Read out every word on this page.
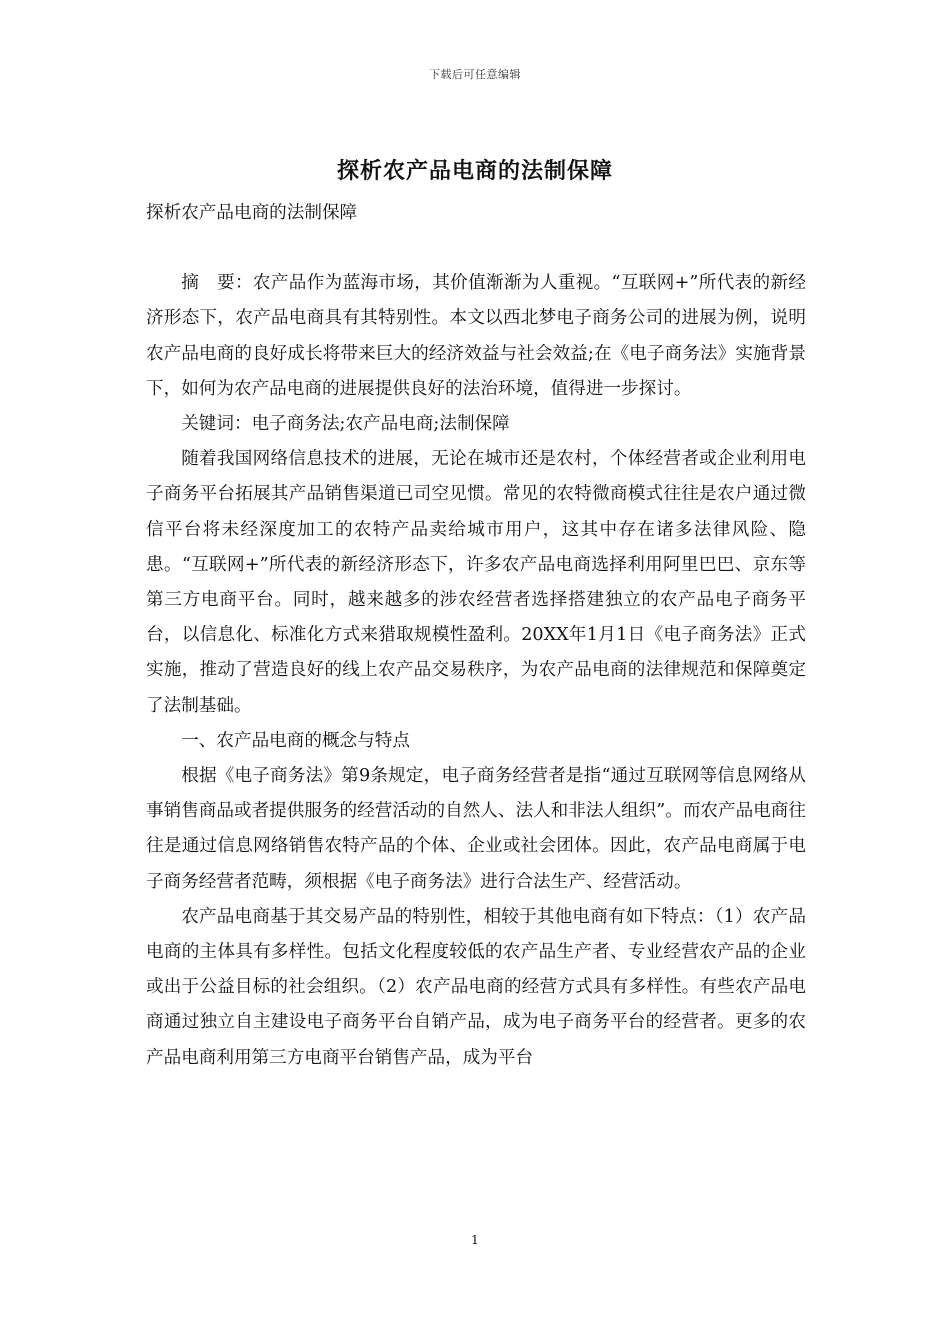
下载后可任意编辑
探析农产品电商的法制保障

探析农产品电商的法制保障

摘　要：农产品作为蓝海市场，其价值渐渐为人重视。“互联网+”所代表的新经济形态下，农产品电商具有其特别性。本文以西北梦电子商务公司的进展为例，说明农产品电商的良好成长将带来巨大的经济效益与社会效益;在《电子商务法》实施背景下，如何为农产品电商的进展提供良好的法治环境，值得进一步探讨。

关键词：电子商务法;农产品电商;法制保障

随着我国网络信息技术的进展，无论在城市还是农村，个体经营者或企业利用电子商务平台拓展其产品销售渠道已司空见惯。常见的农特微商模式往往是农户通过微信平台将未经深度加工的农特产品卖给城市用户，这其中存在诸多法律风险、隐患。“互联网+”所代表的新经济形态下，许多农产品电商选择利用阿里巴巴、京东等第三方电商平台。同时，越来越多的涉农经营者选择搭建独立的农产品电子商务平台，以信息化、标准化方式来猎取规模性盈利。20XX年1月1日《电子商务法》正式实施，推动了营造良好的线上农产品交易秩序，为农产品电商的法律规范和保障奠定了法制基础。

一、农产品电商的概念与特点

根据《电子商务法》第9条规定，电子商务经营者是指“通过互联网等信息网络从事销售商品或者提供服务的经营活动的自然人、法人和非法人组织”。而农产品电商往往是通过信息网络销售农特产品的个体、企业或社会团体。因此，农产品电商属于电子商务经营者范畴，须根据《电子商务法》进行合法生产、经营活动。

农产品电商基于其交易产品的特别性，相较于其他电商有如下特点：（1）农产品电商的主体具有多样性。包括文化程度较低的农产品生产者、专业经营农产品的企业或出于公益目标的社会组织。（2）农产品电商的经营方式具有多样性。有些农产品电商通过独立自主建设电子商务平台自销产品，成为电子商务平台的经营者。更多的农产品电商利用第三方电商平台销售产品，成为平台

1
